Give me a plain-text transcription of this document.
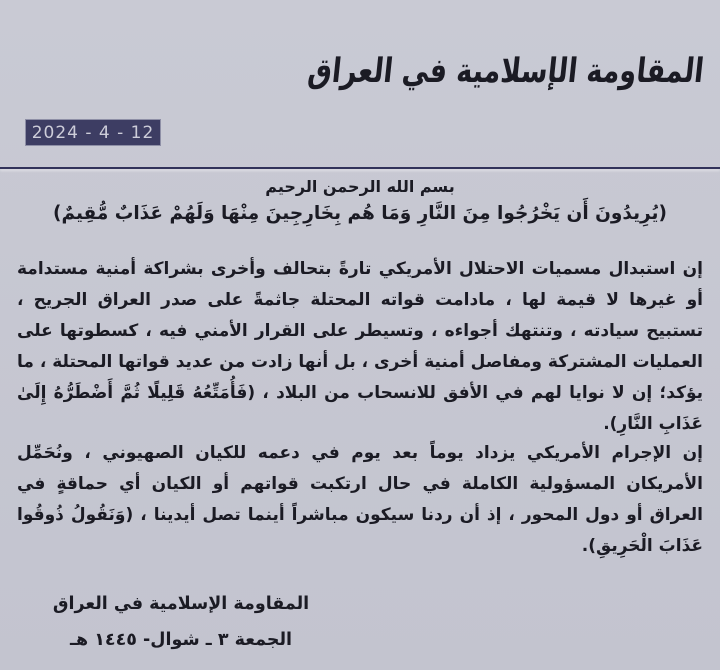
المقاومة الإسلامية في العراق
2024 - 4 - 12
بسم الله الرحمن الرحيم
(يُرِيدُونَ أَن يَخْرُجُوا مِنَ النَّارِ وَمَا هُم بِخَارِجِينَ مِنْهَا وَلَهُمْ عَذَابٌ مُّقِيمٌ)
إن استبدال مسميات الاحتلال الأمريكي تارةً بتحالف وأخرى بشراكة أمنية مستدامة أو غيرها لا قيمة لها ، مادامت قواته المحتلة جاثمةً على صدر العراق الجريح ، تستبيح سيادته ، وتنتهك أجواءه ، وتسيطر على القرار الأمني فيه ، كسطوتها على العمليات المشتركة ومفاصل أمنية أخرى ، بل أنها زادت من عديد قواتها المحتلة ، ما يؤكد؛ إن لا نوايا لهم في الأفق للانسحاب من البلاد ، (فَأُمَتِّعُهُ قَلِيلًا ثُمَّ أَضْطَرُّهُ إِلَىٰ عَذَابِ النَّارِ).
إن الإجرام الأمريكي يزداد يوماً بعد يوم في دعمه للكيان الصهيوني ، ونُحَمِّل الأمريكان المسؤولية الكاملة في حال ارتكبت قواتهم أو الكيان أي حماقةٍ في العراق أو دول المحور ، إذ أن ردنا سيكون مباشراً أينما تصل أيدينا ، (وَنَقُولُ ذُوقُوا عَذَابَ الْحَرِيقِ).
المقاومة الإسلامية في العراق
الجمعة ٣ ـ شوال- ١٤٤٥ هـ
